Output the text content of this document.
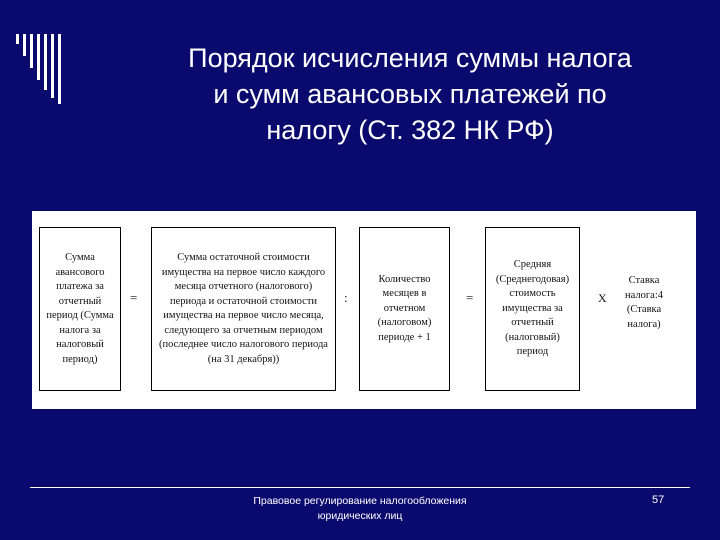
Порядок исчисления суммы налога
и сумм авансовых платежей по
налогу (Ст. 382 НК РФ)
Сумма авансового платежа за отчетный период (Сумма налога за налоговый период)
=
Сумма остаточной стоимости имущества на первое число каждого месяца отчетного (налогового) периода и остаточной стоимости имущества на первое число месяца, следующего за отчетным периодом (последнее число налогового периода (на 31 декабря))
:
Количество месяцев в отчетном (налоговом) периоде + 1
=
Средняя (Среднегодовая) стоимость имущества за отчетный (налоговый) период
X
Ставка налога:4 (Ставка налога)
Правовое регулирование налогообложения юридических лиц
57
